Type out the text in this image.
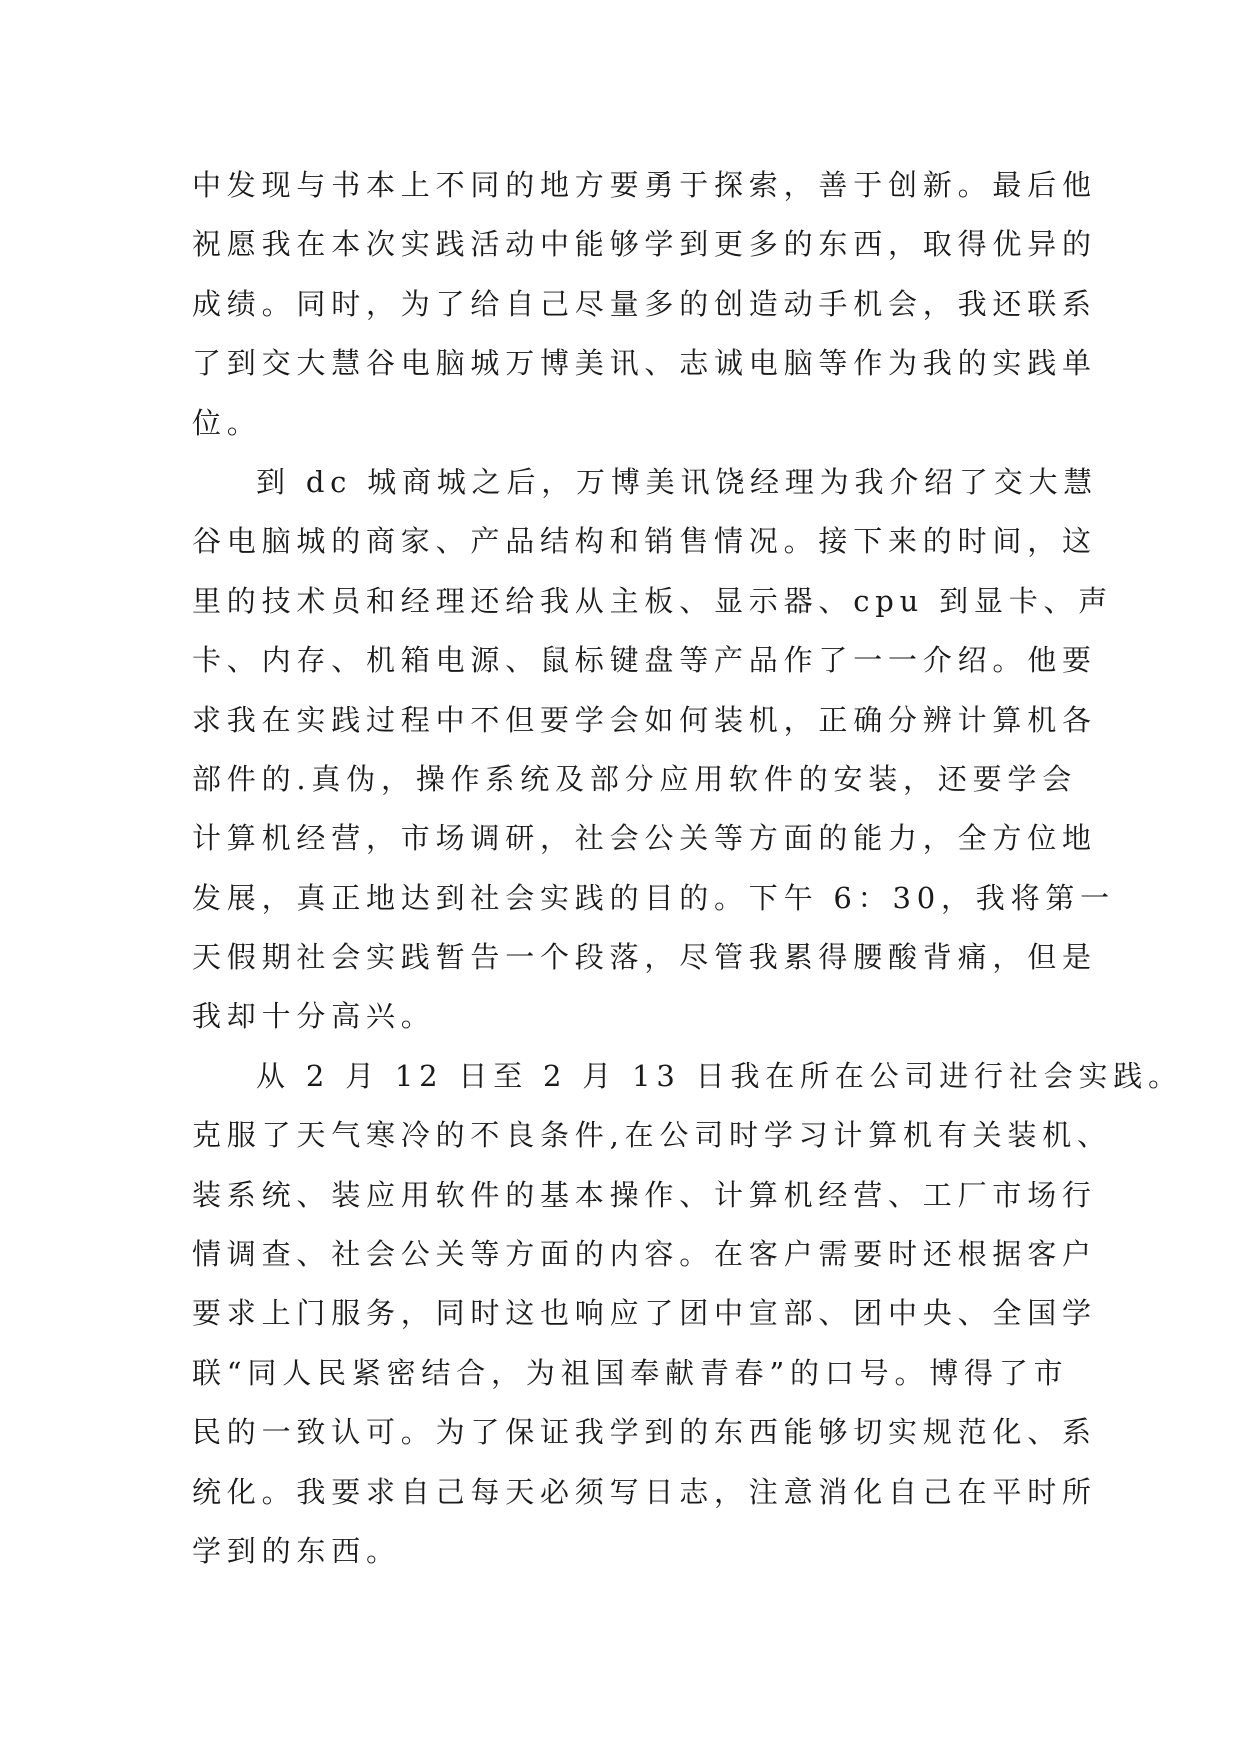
中发现与书本上不同的地方要勇于探索，善于创新。最后他
祝愿我在本次实践活动中能够学到更多的东西，取得优异的
成绩。同时，为了给自己尽量多的创造动手机会，我还联系
了到交大慧谷电脑城万博美讯、志诚电脑等作为我的实践单
位。
到 dc 城商城之后，万博美讯饶经理为我介绍了交大慧
谷电脑城的商家、产品结构和销售情况。接下来的时间，这
里的技术员和经理还给我从主板、显示器、cpu 到显卡、声
卡、内存、机箱电源、鼠标键盘等产品作了一一介绍。他要
求我在实践过程中不但要学会如何装机，正确分辨计算机各
部件的.真伪，操作系统及部分应用软件的安装，还要学会
计算机经营，市场调研，社会公关等方面的能力，全方位地
发展，真正地达到社会实践的目的。下午 6：30，我将第一
天假期社会实践暂告一个段落，尽管我累得腰酸背痛，但是
我却十分高兴。
从 2 月 12 日至 2 月 13 日我在所在公司进行社会实践。
克服了天气寒冷的不良条件,在公司时学习计算机有关装机、
装系统、装应用软件的基本操作、计算机经营、工厂市场行
情调查、社会公关等方面的内容。在客户需要时还根据客户
要求上门服务，同时这也响应了团中宣部、团中央、全国学
联“同人民紧密结合，为祖国奉献青春”的口号。博得了市
民的一致认可。为了保证我学到的东西能够切实规范化、系
统化。我要求自己每天必须写日志，注意消化自己在平时所
学到的东西。
